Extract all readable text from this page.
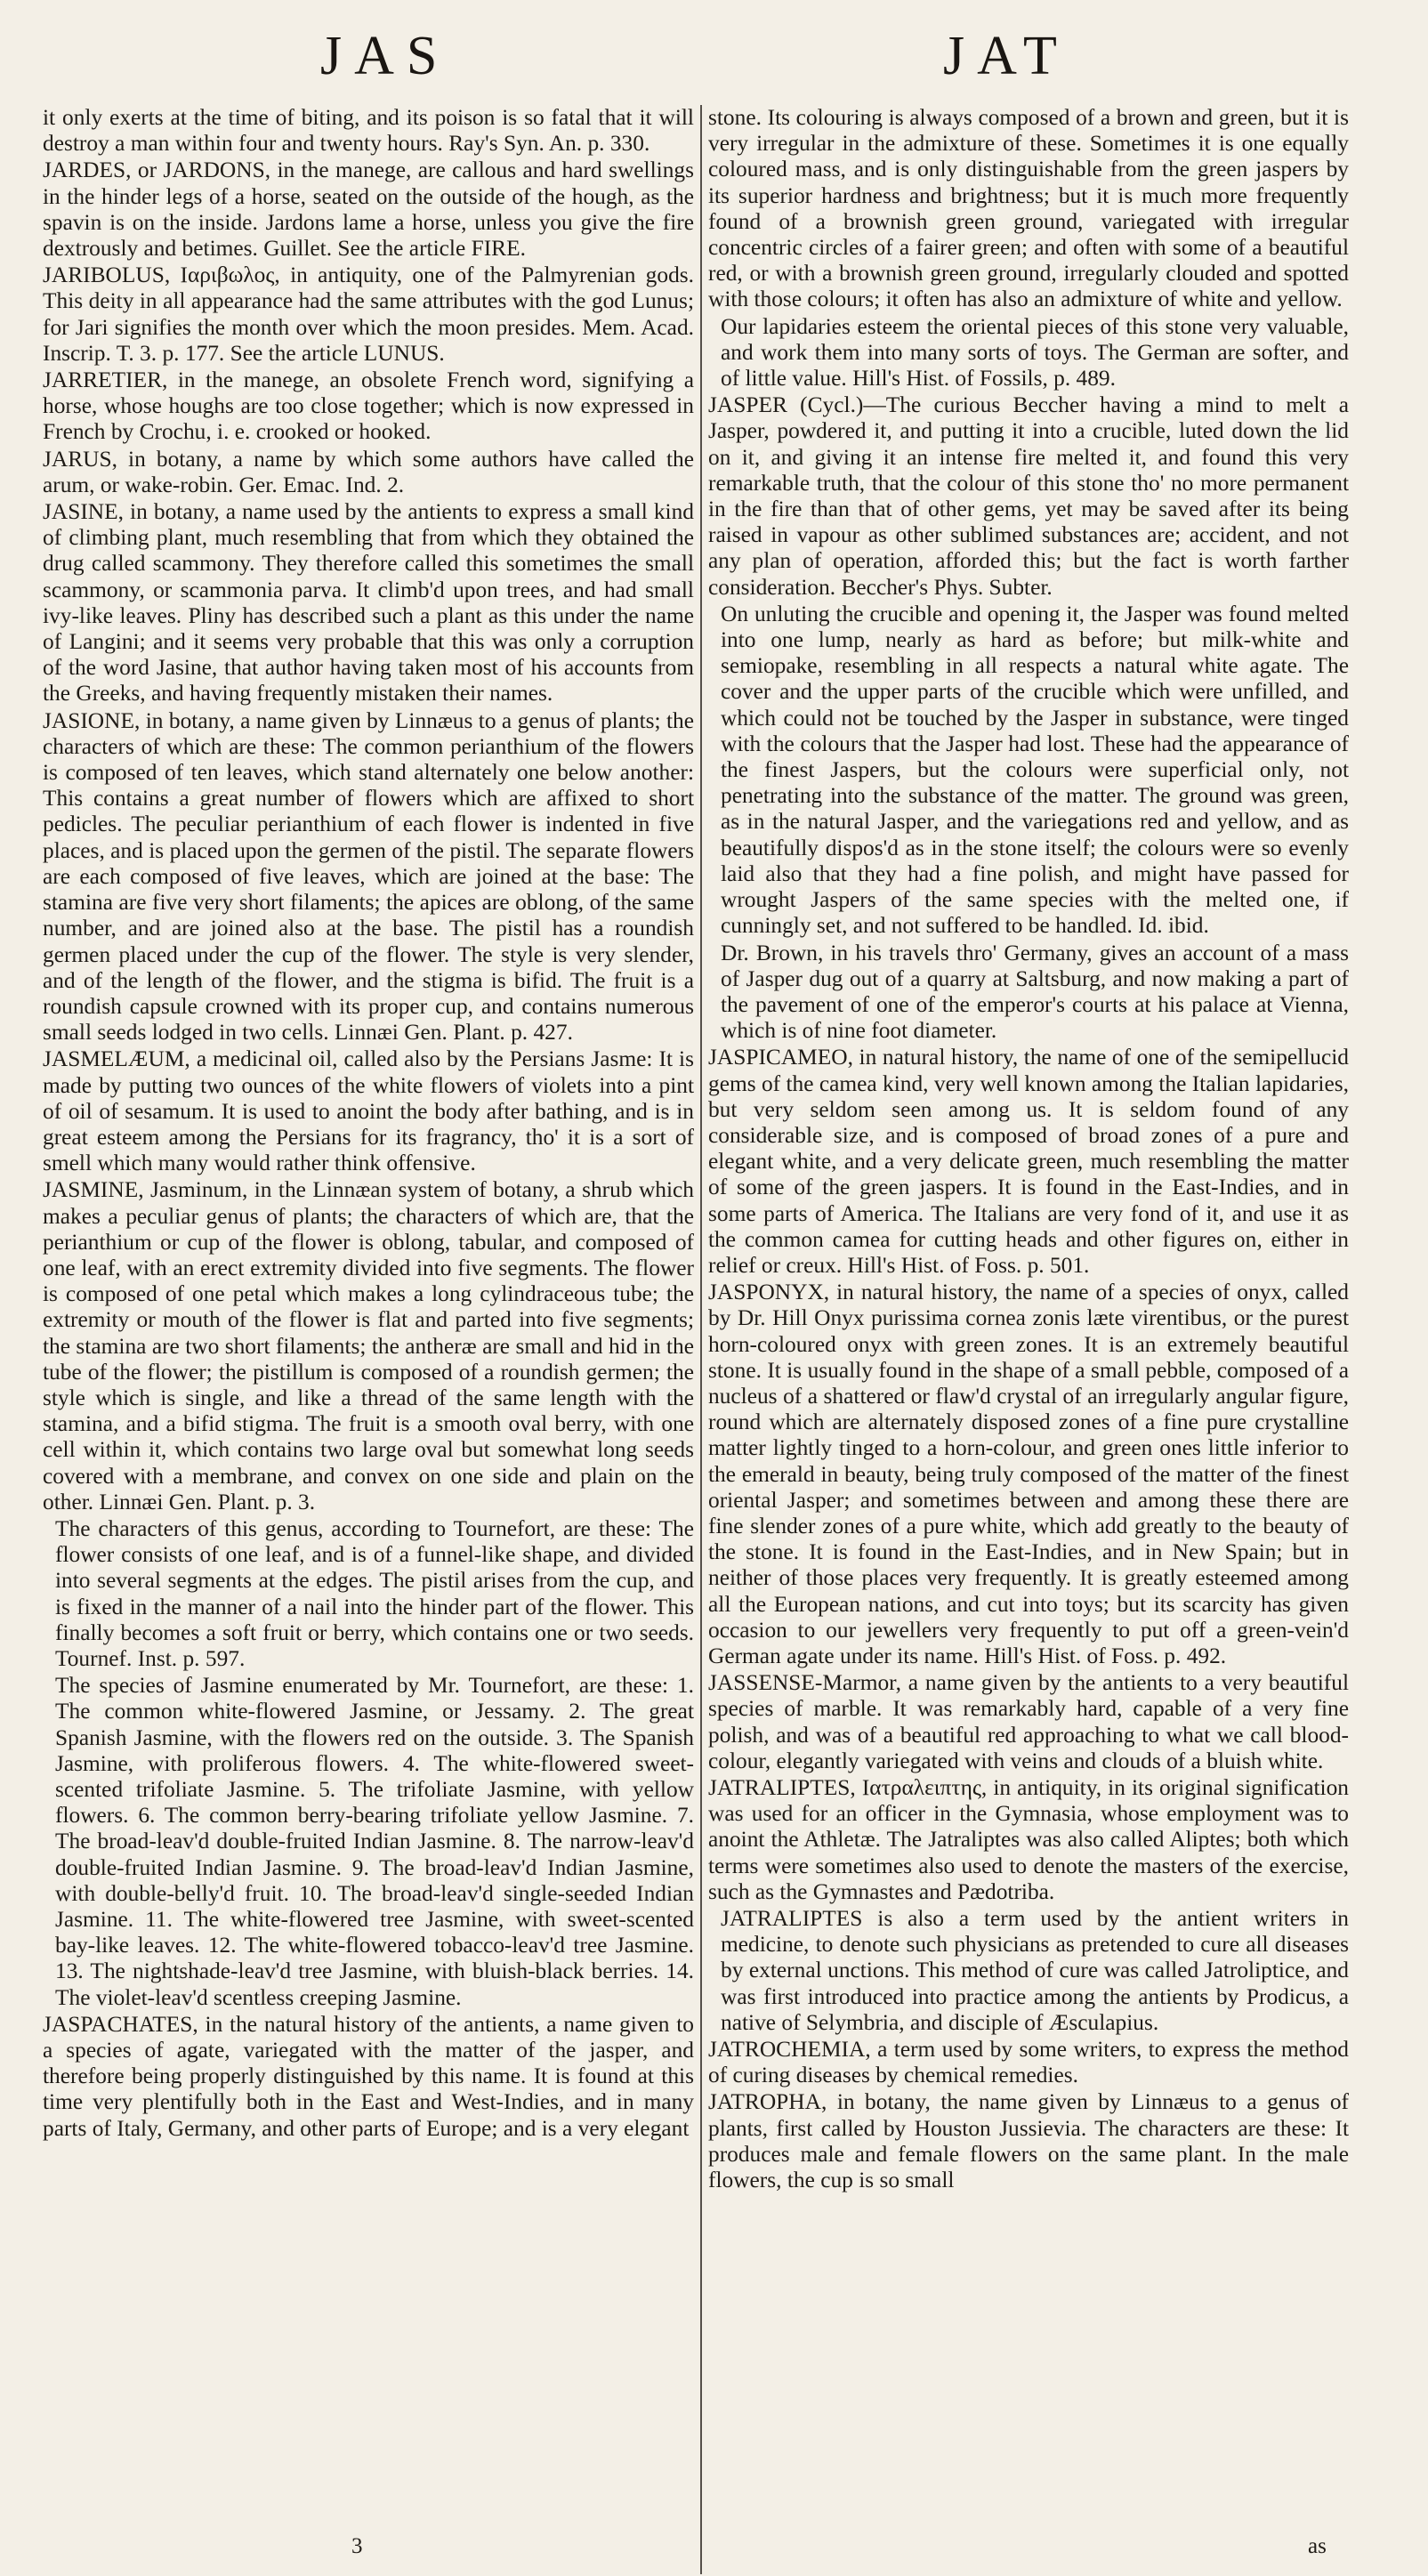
JAS	JAT

it only exerts at the time of biting, and its poison is so fatal that it will destroy a man within four and twenty hours. Ray's Syn. An. p. 330.

JARDES, or JARDONS, in the manege, are callous and hard swellings in the hinder legs of a horse, seated on the outside of the hough, as the spavin is on the inside. Jardons lame a horse, unless you give the fire dextrously and betimes. Guillet. See the article FIRE.

JARIBOLUS, Ιαριβωλος, in antiquity, one of the Palmyrenian gods. This deity in all appearance had the same attributes with the god Lunus; for Jari signifies the month over which the moon presides. Mem. Acad. Inscrip. T. 3. p. 177. See the article LUNUS.

JARRETIER, in the manege, an obsolete French word, signifying a horse, whose houghs are too close together; which is now expressed in French by Crochu, i. e. crooked or hooked.

JARUS, in botany, a name by which some authors have called the arum, or wake-robin. Ger. Emac. Ind. 2.

JASINE, in botany, a name used by the antients to express a small kind of climbing plant, much resembling that from which they obtained the drug called scammony. They therefore called this sometimes the small scammony, or scammonia parva. It climb'd upon trees, and had small ivy-like leaves. Pliny has described such a plant as this under the name of Langini; and it seems very probable that this was only a corruption of the word Jasine, that author having taken most of his accounts from the Greeks, and having frequently mistaken their names.

JASIONE, in botany, a name given by Linnæus to a genus of plants; the characters of which are these: The common perianthium of the flowers is composed of ten leaves, which stand alternately one below another: This contains a great number of flowers which are affixed to short pedicles. The peculiar perianthium of each flower is indented in five places, and is placed upon the germen of the pistil. The separate flowers are each composed of five leaves, which are joined at the base: The stamina are five very short filaments; the apices are oblong, of the same number, and are joined also at the base. The pistil has a roundish germen placed under the cup of the flower. The style is very slender, and of the length of the flower, and the stigma is bifid. The fruit is a roundish capsule crowned with its proper cup, and contains numerous small seeds lodged in two cells. Linnæi Gen. Plant. p. 427.

JASMELÆUM, a medicinal oil, called also by the Persians Jasme: It is made by putting two ounces of the white flowers of violets into a pint of oil of sesamum. It is used to anoint the body after bathing, and is in great esteem among the Persians for its fragrancy, tho' it is a sort of smell which many would rather think offensive.

JASMINE, Jasminum, in the Linnæan system of botany, a shrub which makes a peculiar genus of plants; the characters of which are, that the perianthium or cup of the flower is oblong, tabular, and composed of one leaf, with an erect extremity divided into five segments. The flower is composed of one petal which makes a long cylindraceous tube; the extremity or mouth of the flower is flat and parted into five segments; the stamina are two short filaments; the antheræ are small and hid in the tube of the flower; the pistillum is composed of a roundish germen; the style which is single, and like a thread of the same length with the stamina, and a bifid stigma. The fruit is a smooth oval berry, with one cell within it, which contains two large oval but somewhat long seeds covered with a membrane, and convex on one side and plain on the other. Linnæi Gen. Plant. p. 3.

The characters of this genus, according to Tournefort, are these: The flower consists of one leaf, and is of a funnel-like shape, and divided into several segments at the edges. The pistil arises from the cup, and is fixed in the manner of a nail into the hinder part of the flower. This finally becomes a soft fruit or berry, which contains one or two seeds. Tournef. Inst. p. 597.

The species of Jasmine enumerated by Mr. Tournefort, are these: 1. The common white-flowered Jasmine, or Jessamy. 2. The great Spanish Jasmine, with the flowers red on the outside. 3. The Spanish Jasmine, with proliferous flowers. 4. The white-flowered sweet-scented trifoliate Jasmine. 5. The trifoliate Jasmine, with yellow flowers. 6. The common berry-bearing trifoliate yellow Jasmine. 7. The broad-leav'd double-fruited Indian Jasmine. 8. The narrow-leav'd double-fruited Indian Jasmine. 9. The broad-leav'd Indian Jasmine, with double-belly'd fruit. 10. The broad-leav'd single-seeded Indian Jasmine. 11. The white-flowered tree Jasmine, with sweet-scented bay-like leaves. 12. The white-flowered tobacco-leav'd tree Jasmine. 13. The nightshade-leav'd tree Jasmine, with bluish-black berries. 14. The violet-leav'd scentless creeping Jasmine.

JASPACHATES, in the natural history of the antients, a name given to a species of agate, variegated with the matter of the jasper, and therefore being properly distinguished by this name. It is found at this time very plentifully both in the East and West-Indies, and in many parts of Italy, Germany, and other parts of Europe; and is a very elegant

stone. Its colouring is always composed of a brown and green, but it is very irregular in the admixture of these. Sometimes it is one equally coloured mass, and is only distinguishable from the green jaspers by its superior hardness and brightness; but it is much more frequently found of a brownish green ground, variegated with irregular concentric circles of a fairer green; and often with some of a beautiful red, or with a brownish green ground, irregularly clouded and spotted with those colours; it often has also an admixture of white and yellow.

Our lapidaries esteem the oriental pieces of this stone very valuable, and work them into many sorts of toys. The German are softer, and of little value. Hill's Hist. of Fossils, p. 489.

JASPER (Cycl.)—The curious Beccher having a mind to melt a Jasper, powdered it, and putting it into a crucible, luted down the lid on it, and giving it an intense fire melted it, and found this very remarkable truth, that the colour of this stone tho' no more permanent in the fire than that of other gems, yet may be saved after its being raised in vapour as other sublimed substances are; accident, and not any plan of operation, afforded this; but the fact is worth farther consideration. Beccher's Phys. Subter.

On unluting the crucible and opening it, the Jasper was found melted into one lump, nearly as hard as before; but milk-white and semiopake, resembling in all respects a natural white agate. The cover and the upper parts of the crucible which were unfilled, and which could not be touched by the Jasper in substance, were tinged with the colours that the Jasper had lost. These had the appearance of the finest Jaspers, but the colours were superficial only, not penetrating into the substance of the matter. The ground was green, as in the natural Jasper, and the variegations red and yellow, and as beautifully dispos'd as in the stone itself; the colours were so evenly laid also that they had a fine polish, and might have passed for wrought Jaspers of the same species with the melted one, if cunningly set, and not suffered to be handled. Id. ibid.

Dr. Brown, in his travels thro' Germany, gives an account of a mass of Jasper dug out of a quarry at Saltsburg, and now making a part of the pavement of one of the emperor's courts at his palace at Vienna, which is of nine foot diameter.

JASPICAMEO, in natural history, the name of one of the semipellucid gems of the camea kind, very well known among the Italian lapidaries, but very seldom seen among us. It is seldom found of any considerable size, and is composed of broad zones of a pure and elegant white, and a very delicate green, much resembling the matter of some of the green jaspers. It is found in the East-Indies, and in some parts of America. The Italians are very fond of it, and use it as the common camea for cutting heads and other figures on, either in relief or creux. Hill's Hist. of Foss. p. 501.

JASPONYX, in natural history, the name of a species of onyx, called by Dr. Hill Onyx purissima cornea zonis læte virentibus, or the purest horn-coloured onyx with green zones. It is an extremely beautiful stone. It is usually found in the shape of a small pebble, composed of a nucleus of a shattered or flaw'd crystal of an irregularly angular figure, round which are alternately disposed zones of a fine pure crystalline matter lightly tinged to a horn-colour, and green ones little inferior to the emerald in beauty, being truly composed of the matter of the finest oriental Jasper; and sometimes between and among these there are fine slender zones of a pure white, which add greatly to the beauty of the stone. It is found in the East-Indies, and in New Spain; but in neither of those places very frequently. It is greatly esteemed among all the European nations, and cut into toys; but its scarcity has given occasion to our jewellers very frequently to put off a green-vein'd German agate under its name. Hill's Hist. of Foss. p. 492.

JASSENSE-Marmor, a name given by the antients to a very beautiful species of marble. It was remarkably hard, capable of a very fine polish, and was of a beautiful red approaching to what we call blood-colour, elegantly variegated with veins and clouds of a bluish white.

JATRALIPTES, Ιατραλειπτης, in antiquity, in its original signification was used for an officer in the Gymnasia, whose employment was to anoint the Athletæ. The Jatraliptes was also called Aliptes; both which terms were sometimes also used to denote the masters of the exercise, such as the Gymnastes and Pædotriba.

JATRALIPTES is also a term used by the antient writers in medicine, to denote such physicians as pretended to cure all diseases by external unctions. This method of cure was called Jatroliptice, and was first introduced into practice among the antients by Prodicus, a native of Selymbria, and disciple of Æsculapius.

JATROCHEMIA, a term used by some writers, to express the method of curing diseases by chemical remedies.

JATROPHA, in botany, the name given by Linnæus to a genus of plants, first called by Houston Jussievia. The characters are these: It produces male and female flowers on the same plant. In the male flowers, the cup is so small

3	as
